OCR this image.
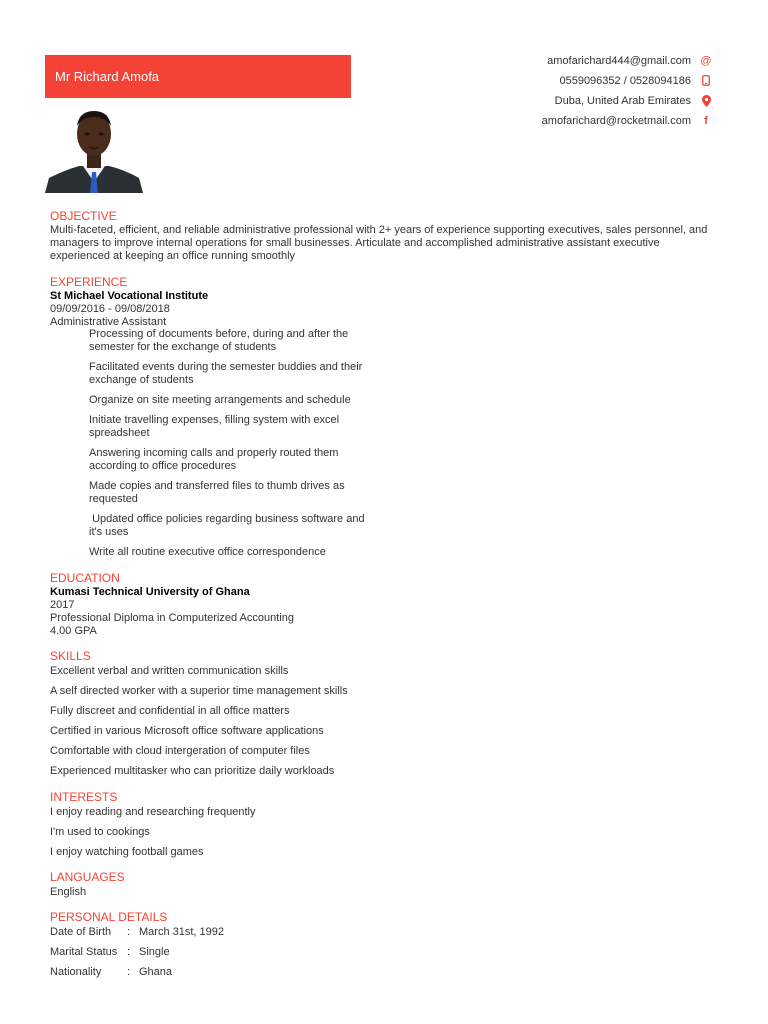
Mr Richard Amofa
amofarichard444@gmail.com @
0559096352 / 0528094186
Duba, United Arab Emirates
amofarichard@rocketmail.com	f
OBJECTIVE
Multi-faceted, efficient, and reliable administrative professional with 2+ years of experience supporting executives, sales personnel, and managers to improve internal operations for small businesses. Articulate and accomplished administrative assistant executive experienced at keeping an office running smoothly
EXPERIENCE
St Michael Vocational Institute
09/09/2016 - 09/08/2018
Administrative Assistant
Processing of documents before, during and after the semester for the exchange of students
Facilitated events during the semester buddies and their exchange of students
Organize on site meeting arrangements and schedule
Initiate travelling expenses, filling system with excel spreadsheet
Answering incoming calls and properly routed them according to office procedures
Made copies and transferred files to thumb drives as requested
Updated office policies regarding business software and it's uses
Write all routine executive office correspondence
EDUCATION
Kumasi Technical University of Ghana
2017
Professional Diploma in Computerized Accounting
4.00 GPA
SKILLS
Excellent verbal and written communication skills
A self directed worker with a superior time management skills
Fully discreet and confidential in all office matters
Certified in various Microsoft office software applications
Comfortable with cloud intergeration of computer files
Experienced multitasker who can prioritize daily workloads
INTERESTS
I enjoy reading and researching frequently
I'm used to cookings
I enjoy watching football games
LANGUAGES
English
PERSONAL DETAILS
Date of Birth	: March 31st, 1992
Marital Status : Single
Nationality	: Ghana
